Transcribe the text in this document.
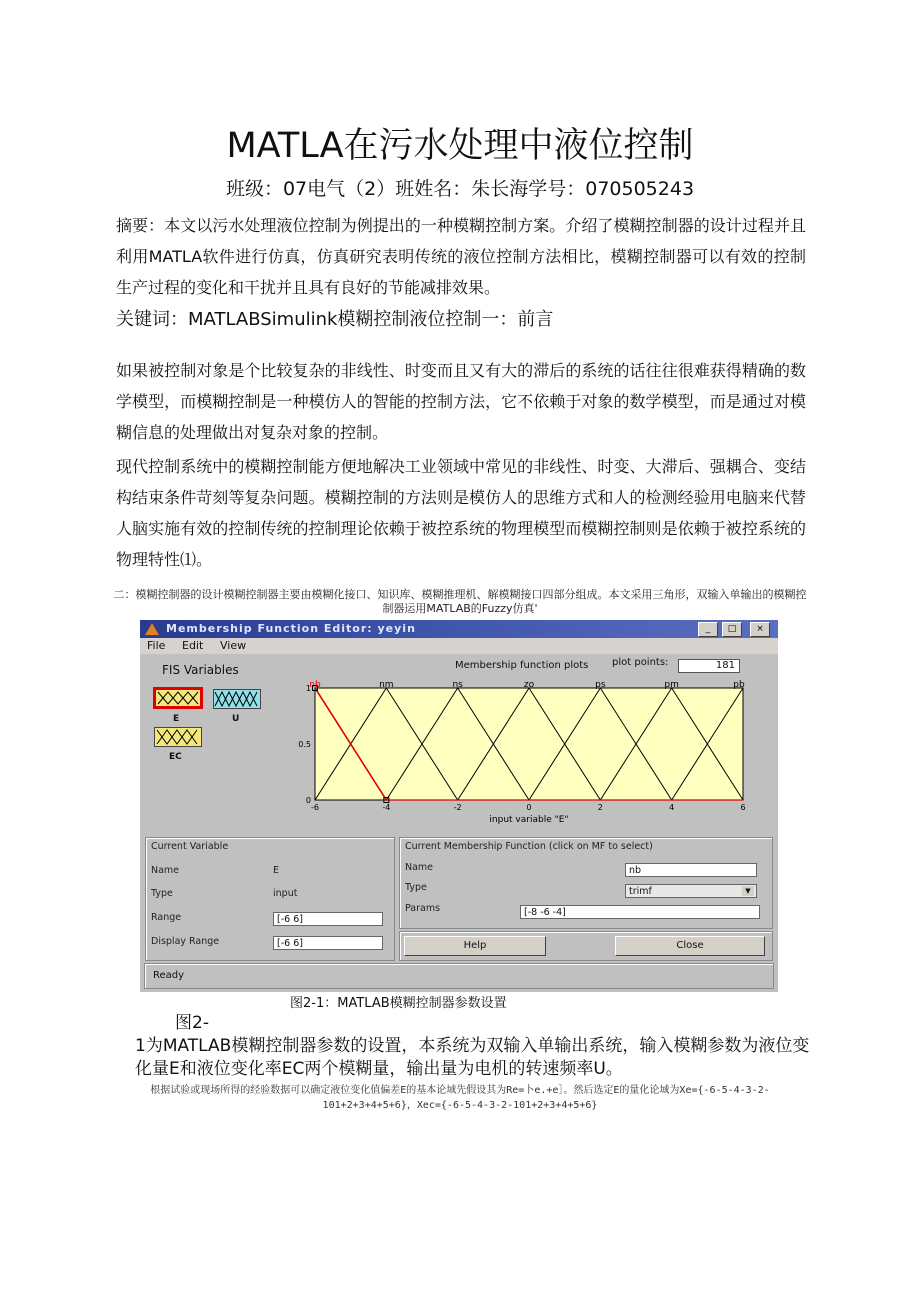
MATLA在污水处理中液位控制
班级：07电气（2）班姓名：朱长海学号：070505243

摘要：本文以污水处理液位控制为例提出的一种模糊控制方案。介绍了模糊控制器的设计过程并且利用MATLA软件进行仿真，仿真研究表明传统的液位控制方法相比，模糊控制器可以有效的控制生产过程的变化和干扰并且具有良好的节能减排效果。

关键词：MATLABSimulink模糊控制液位控制一：前言

如果被控制对象是个比较复杂的非线性、时变而且又有大的滞后的系统的话往往很难获得精确的数学模型，而模糊控制是一种模仿人的智能的控制方法，它不依赖于对象的数学模型，而是通过对模糊信息的处理做出对复杂对象的控制。

现代控制系统中的模糊控制能方便地解决工业领域中常见的非线性、时变、大滞后、强耦合、变结构结束条件苛刻等复杂问题。模糊控制的方法则是模仿人的思维方式和人的检测经验用电脑来代替人脑实施有效的控制传统的控制理论依赖于被控系统的物理模型而模糊控制则是依赖于被控系统的物理特性⑴。

二：模糊控制器的设计模糊控制器主要由模糊化接口、知识库、模糊推理机、解模糊接口四部分组成。本文采用三角形，双输入单输出的模糊控制器运用MATLAB的Fuzzy仿真'
Membership Function Editor: yeyin	_	□	×
File Edit View
FIS Variables
E	U
EC
Membership function plots plot points:	181
nb	nm	ns	zo	ps	pm	pb
-6	-4	-2	0	2	4	6
0
0.5
1
input variable "E"
Current Variable
Name	E
Type	input
Range	[-6 6]
Display Range	[-6 6]
Current Membership Function (click on MF to select)
Name	nb
Type	trimf	▼
Params	[-8 -6 -4]
Help	Close
Ready
图2-1：MATLAB模糊控制器参数设置

图2-
1为MATLAB模糊控制器参数的设置，本系统为双输入单输出系统，输入模糊参数为液位变化量E和液位变化率EC两个模糊量，输出量为电机的转速频率U。

根据试验或现场所得的经验数据可以确定液位变化值偏差E的基本论域先假设其为Re=卜e.+e］。然后选定E的量化论域为Xe={-6-5-4-3-2-101+2+3+4+5+6}，Xec={-6-5-4-3-2-101+2+3+4+5+6}
